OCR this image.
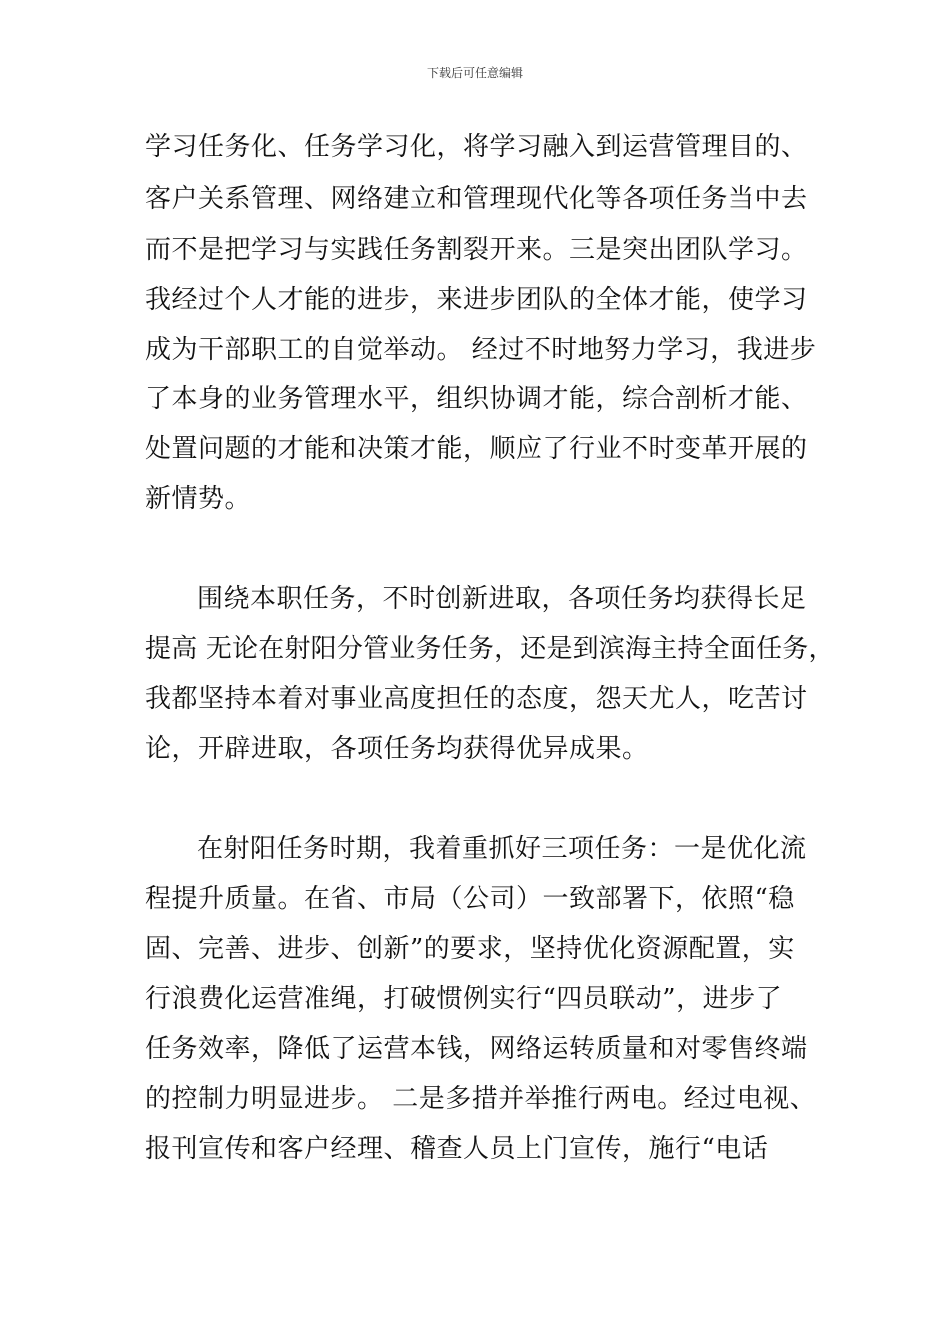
下载后可任意编辑
学习任务化、任务学习化，将学习融入到运营管理目的、
客户关系管理、网络建立和管理现代化等各项任务当中去
而不是把学习与实践任务割裂开来。三是突出团队学习。
我经过个人才能的进步，来进步团队的全体才能，使学习
成为干部职工的自觉举动。 经过不时地努力学习，我进步
了本身的业务管理水平，组织协调才能，综合剖析才能、
处置问题的才能和决策才能，顺应了行业不时变革开展的
新情势。
围绕本职任务，不时创新进取，各项任务均获得长足
提高 无论在射阳分管业务任务，还是到滨海主持全面任务，
我都坚持本着对事业高度担任的态度，怨天尤人，吃苦讨
论，开辟进取，各项任务均获得优异成果。
在射阳任务时期，我着重抓好三项任务：一是优化流
程提升质量。在省、市局（公司）一致部署下，依照“稳
固、完善、进步、创新”的要求，坚持优化资源配置，实
行浪费化运营准绳，打破惯例实行“四员联动”，进步了
任务效率，降低了运营本钱，网络运转质量和对零售终端
的控制力明显进步。 二是多措并举推行两电。经过电视、
报刊宣传和客户经理、稽查人员上门宣传，施行“电话
